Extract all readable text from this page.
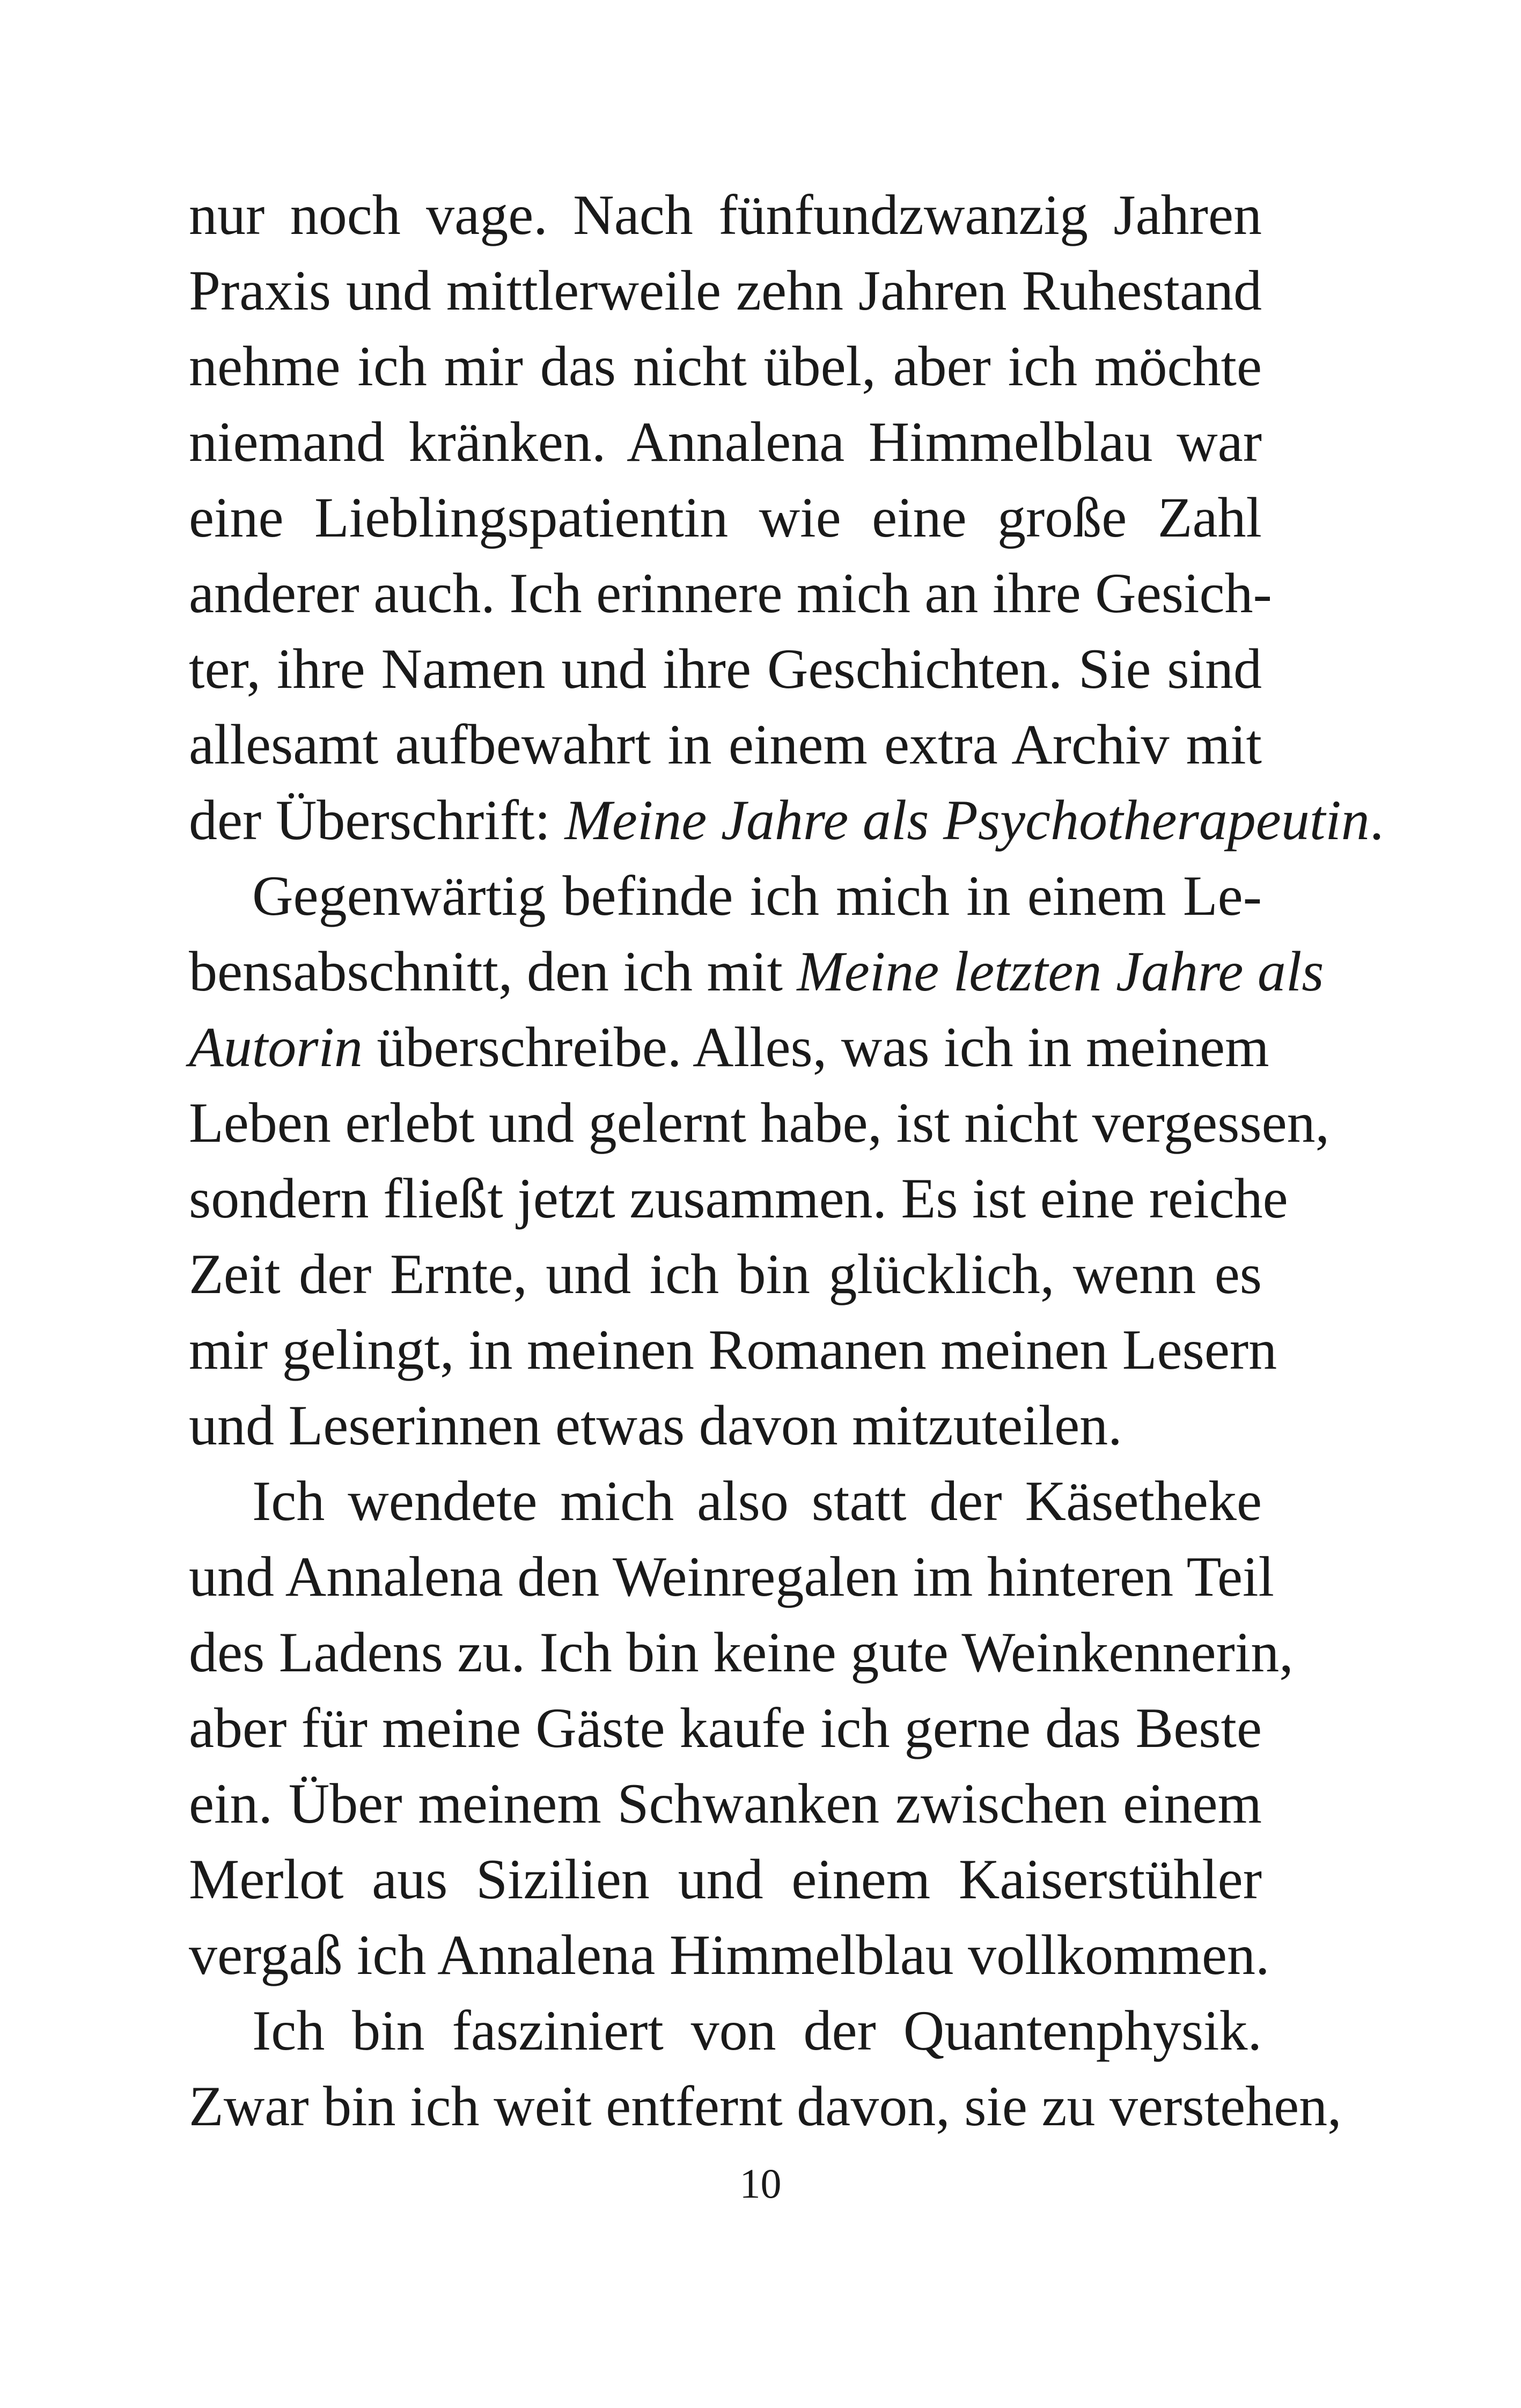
nur noch vage. Nach fünfundzwanzig Jahren
Praxis und mittlerweile zehn Jahren Ruhestand
nehme ich mir das nicht übel, aber ich möchte
niemand kränken. Annalena Himmelblau war
eine Lieblingspatientin wie eine große Zahl
anderer auch. Ich erinnere mich an ihre Gesich-
ter, ihre Namen und ihre Geschichten. Sie sind
allesamt aufbewahrt in einem extra Archiv mit
der Überschrift: Meine Jahre als Psychotherapeutin.
Gegenwärtig befinde ich mich in einem Le-
bensabschnitt, den ich mit Meine letzten Jahre als
Autorin überschreibe. Alles, was ich in meinem
Leben erlebt und gelernt habe, ist nicht vergessen,
sondern fließt jetzt zusammen. Es ist eine reiche
Zeit der Ernte, und ich bin glücklich, wenn es
mir gelingt, in meinen Romanen meinen Lesern
und Leserinnen etwas davon mitzuteilen.
Ich wendete mich also statt der Käsetheke
und Annalena den Weinregalen im hinteren Teil
des Ladens zu. Ich bin keine gute Weinkennerin,
aber für meine Gäste kaufe ich gerne das Beste
ein. Über meinem Schwanken zwischen einem
Merlot aus Sizilien und einem Kaiserstühler
vergaß ich Annalena Himmelblau vollkommen.
Ich bin fasziniert von der Quantenphysik.
Zwar bin ich weit entfernt davon, sie zu verstehen,
10
